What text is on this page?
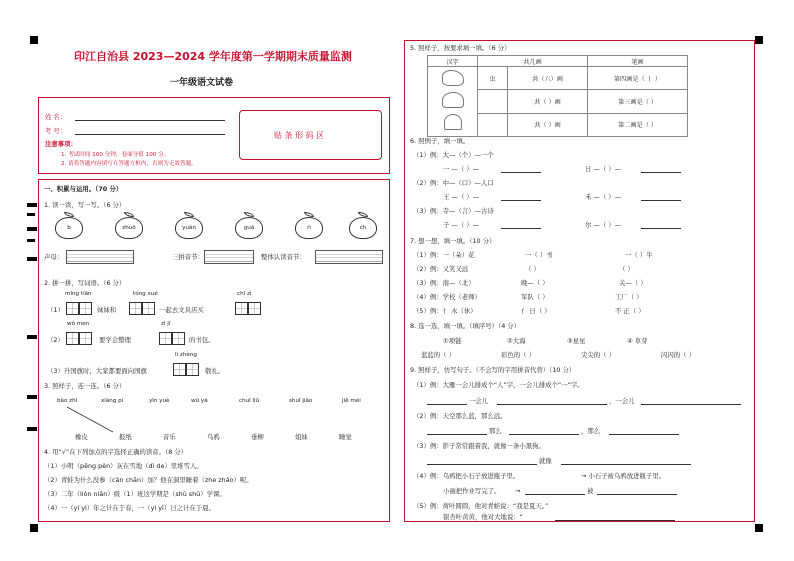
印江自治县 2023—2024 学年度第一学期期末质量监测
一年级语文试卷
姓 名：
考 号：
注意事项：
1. 考试时间 100 分钟，卷面分值 100 分。
2. 请将答题内容填写在答题方框内，否则为无效答题。
贴 条 形 码 区
一、积累与运用。（70 分）
1. 读一读，写一写。（6 分）
b	zhuō	yuán	guā	rì	ch
声母：	三拼音节：	整体认读音节：
2. 拼一拼，写词语。（6 分）
mǐng tiān	tóng xué	chī zì
（1）	妹妹和	一起去文具店买
wǒ men	zì jǐ
（2）	要学会整理	的书包。
lì zhèng
（3）升国旗时，大家都要面向国旗	敬礼。
3. 照样子，连一连。（6 分）
bào zhǐ	xiàng pí	yīn yuè	wū yā	chuī liǔ	shuǐ jiǎo	jiě mèi
橡皮	报纸	音乐	乌鸦	垂柳	姐妹	睡觉
4. 用“√”在下列加点的字选择正确的读音。（8 分）
（1）小明（pēng pèn）灰在雪地（dì de）里堆雪人。
（2）青蛙为什么没参（cān chān）加？他在洞里睡着（zhe zháo）呢。
（3）二年（liòn niān）级（1）班这学期是（shù shū）学课。
（4）一（yí yì）年之计在于春，一（yì yī）日之计在于晨。
5. 照样子，按要求填一填。（6 分）
汉字	共几画		笔画

	虫	共（六）画	第四画是（ 丨 ）
		共（ ）画	第三画是（ ）
		共（ ）画	第二画是（ ）
6. 照例子，填一填。
（1）例：大—（个）—一个
一 —（ ）—	日 —（ ）—
（2）例：中—（口）—人口
王 —（ ）—	禾 —（ ）—
（3）例：寺—（言）—古诗
子 —（ ）—	尔 —（ ）—
7. 想一想，填一填。（10 分）
（1）例：一（朵）花	一（ ）书	一（ ）牛
（2）例：又笑又远	（ ）	（ ）
（3）例：南—（北）	晚—（ ）	关—（ ）
（4）例：学校（老师）	军队（ ）	工厂（ ）
（5）例：亻 木（休）	亻 日（ ）	不 正（ ）
8. 选一选，填一填。（填序号）（4 分）
①项链	②大海	③星星	④ 草芽
蓝蓝的（ ）	彩色的（ ）	尖尖的（ ）	闪闪的（ ）
9. 照样子，仿写句子。（不会写的字用拼音代替）（10 分）
（1）例：大雁一会儿排成个“人”字，一会儿排成个“一”字。
一会儿	，一会儿
（2）例：天空那么蓝，那么远。
那么	，那么
（3）例：影子常常跟着我，就像一条小黑狗。
就像
（4）例：乌鸦把小石子放进瓶子里。	→ 小石子被乌鸦放进瓶子里。
小丽把作业写完了。 →	被
（5）例：荷叶圆圆，他对青蛙说：“我是夏天。”
银杏叶黄黄，他对大地说：“
